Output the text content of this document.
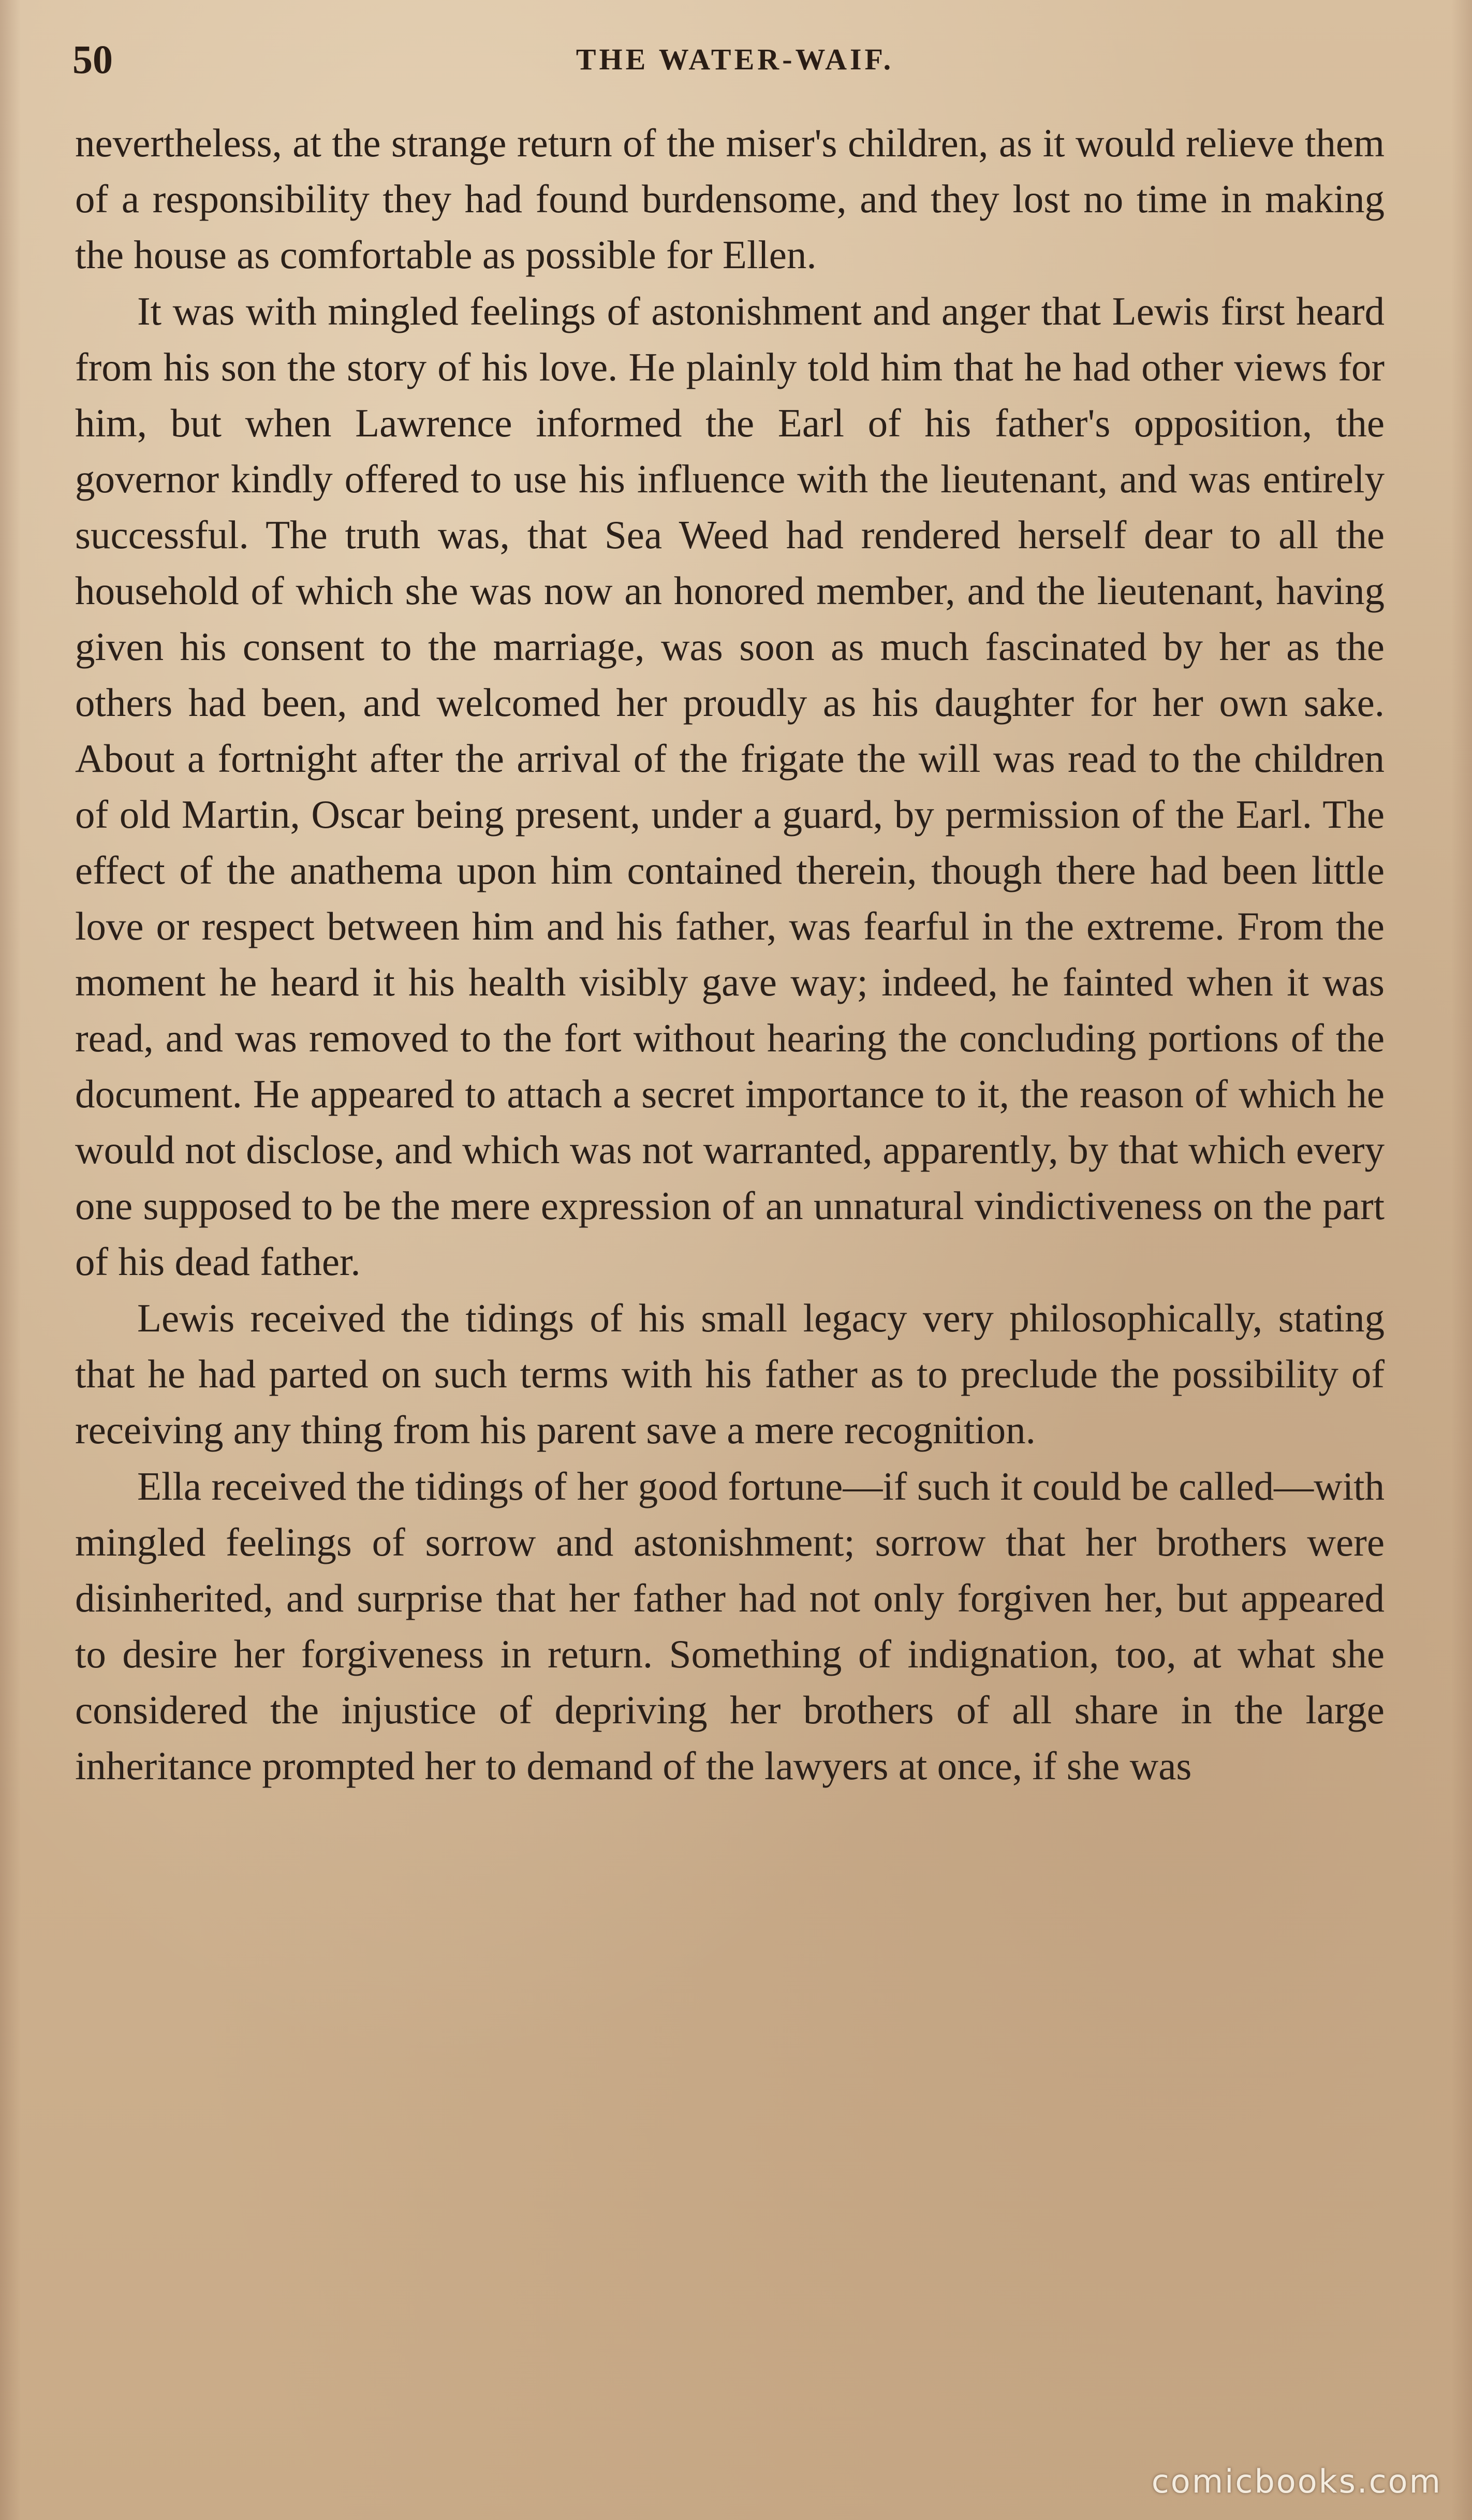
THE WATER-WAIF.
50

nevertheless, at the strange return of the miser's children, as it would relieve them of a responsibility they had found burdensome, and they lost no time in making the house as comfortable as possible for Ellen.

It was with mingled feelings of astonishment and anger that Lewis first heard from his son the story of his love. He plainly told him that he had other views for him, but when Lawrence informed the Earl of his father's opposition, the governor kindly offered to use his influence with the lieutenant, and was entirely successful. The truth was, that Sea Weed had rendered herself dear to all the household of which she was now an honored member, and the lieutenant, having given his consent to the marriage, was soon as much fascinated by her as the others had been, and welcomed her proudly as his daughter for her own sake. About a fortnight after the arrival of the frigate the will was read to the children of old Martin, Oscar being present, under a guard, by permission of the Earl. The effect of the anathema upon him contained therein, though there had been little love or respect between him and his father, was fearful in the extreme. From the moment he heard it his health visibly gave way; indeed, he fainted when it was read, and was removed to the fort without hearing the concluding portions of the document. He appeared to attach a secret importance to it, the reason of which he would not disclose, and which was not warranted, apparently, by that which every one supposed to be the mere expression of an unnatural vindictiveness on the part of his dead father.

Lewis received the tidings of his small legacy very philosophically, stating that he had parted on such terms with his father as to preclude the possibility of receiving any thing from his parent save a mere recognition.

Ella received the tidings of her good fortune—if such it could be called—with mingled feelings of sorrow and astonishment; sorrow that her brothers were disinherited, and surprise that her father had not only forgiven her, but appeared to desire her forgiveness in return. Something of indignation, too, at what she considered the injustice of depriving her brothers of all share in the large inheritance prompted her to demand of the lawyers at once, if she was

comicbooks.com
